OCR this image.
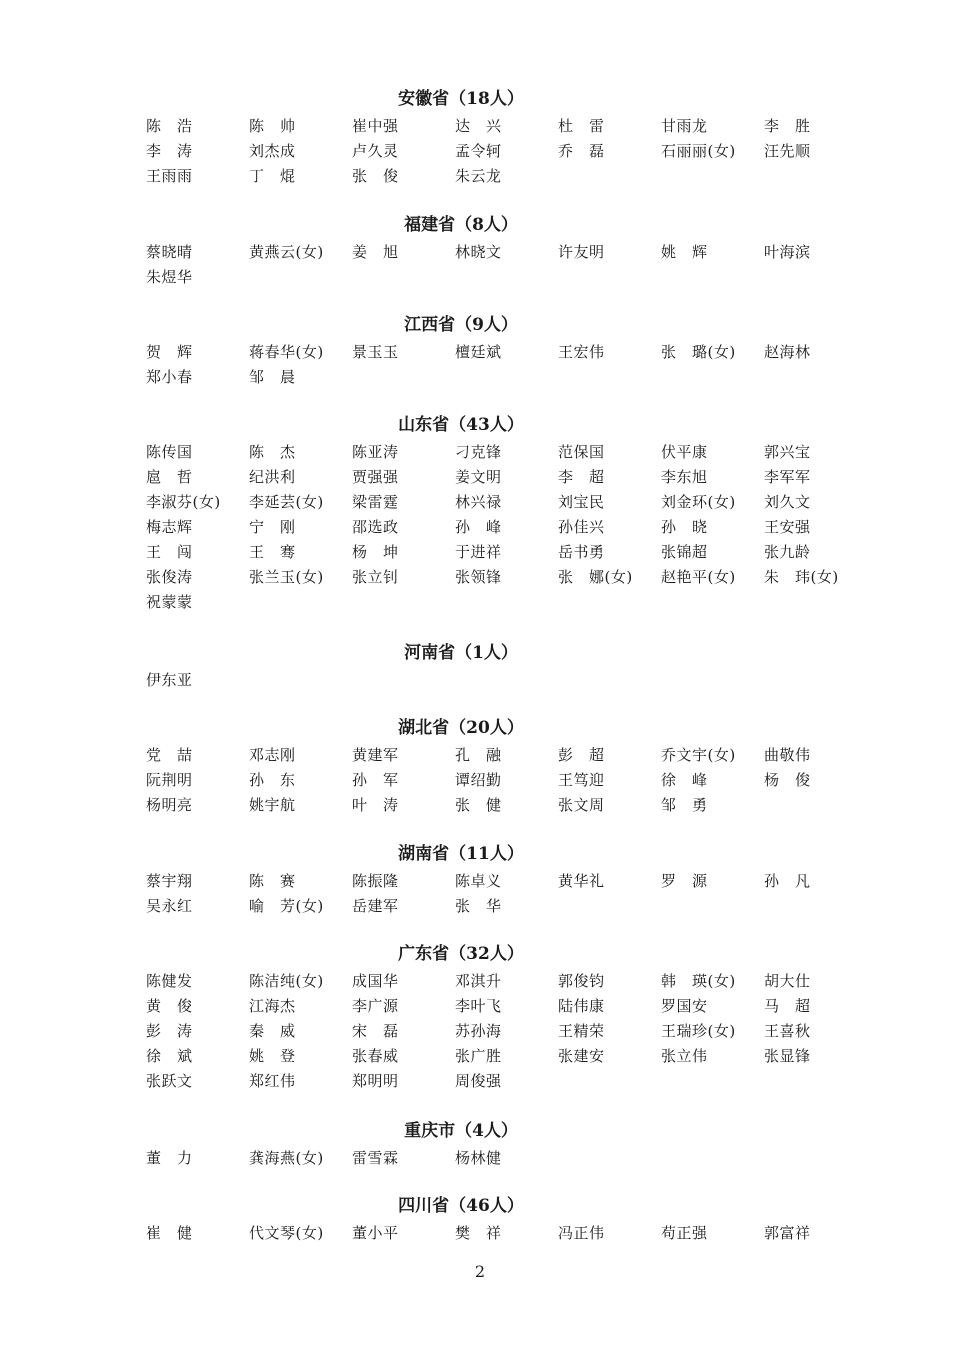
安徽省（18人）
陈　浩	陈　帅	崔中强	达　兴	杜　雷	甘雨龙	李　胜
李　涛	刘杰成	卢久灵	孟令轲	乔　磊	石丽丽(女)	汪先顺
王雨雨	丁　焜	张　俊	朱云龙
福建省（8人）
蔡晓晴	黄燕云(女)	姜　旭	林晓文	许友明	姚　辉	叶海滨
朱煜华
江西省（9人）
贺　辉	蒋春华(女)	景玉玉	檀廷斌	王宏伟	张　璐(女)	赵海林
郑小春	邹　晨
山东省（43人）
陈传国	陈　杰	陈亚涛	刁克锋	范保国	伏平康	郭兴宝
扈　哲	纪洪利	贾强强	姜文明	李　超	李东旭	李军军
李淑芬(女)	李延芸(女)	梁雷霆	林兴禄	刘宝民	刘金环(女)	刘久文
梅志辉	宁　刚	邵选政	孙　峰	孙佳兴	孙　晓	王安强
王　闯	王　骞	杨　坤	于进祥	岳书勇	张锦超	张九龄
张俊涛	张兰玉(女)	张立钊	张领锋	张　娜(女)	赵艳平(女)	朱　玮(女)
祝蒙蒙
河南省（1人）
伊东亚
湖北省（20人）
党　喆	邓志刚	黄建军	孔　融	彭　超	乔文宇(女)	曲敬伟
阮荆明	孙　东	孙　军	谭绍勤	王笃迎	徐　峰	杨　俊
杨明亮	姚宇航	叶　涛	张　健	张文周	邹　勇
湖南省（11人）
蔡宇翔	陈　赛	陈振隆	陈卓义	黄华礼	罗　源	孙　凡
吴永红	喻　芳(女)	岳建军	张　华
广东省（32人）
陈健发	陈洁纯(女)	成国华	邓淇升	郭俊钧	韩　瑛(女)	胡大仕
黄　俊	江海杰	李广源	李叶飞	陆伟康	罗国安	马　超
彭　涛	秦　威	宋　磊	苏孙海	王精荣	王瑞珍(女)	王喜秋
徐　斌	姚　登	张春威	张广胜	张建安	张立伟	张显锋
张跃文	郑红伟	郑明明	周俊强
重庆市（4人）
董　力	龚海燕(女)	雷雪霖	杨林健
四川省（46人）
崔　健	代文琴(女)	董小平	樊　祥	冯正伟	苟正强	郭富祥
2
